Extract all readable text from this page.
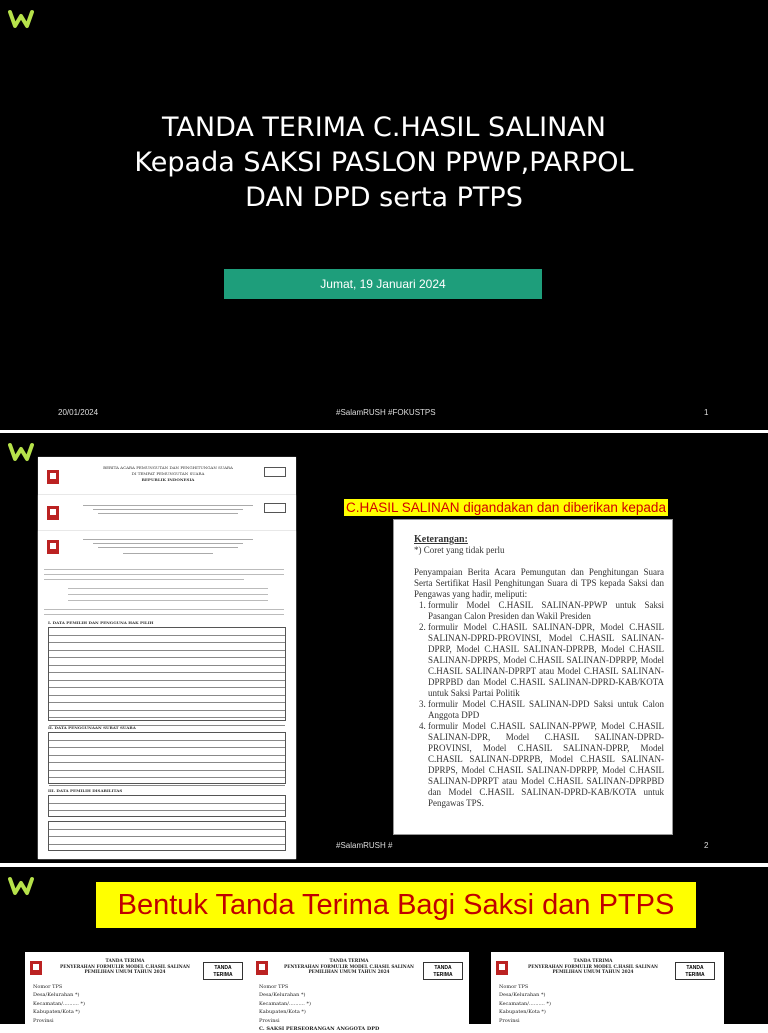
TANDA TERIMA C.HASIL SALINAN
Kepada SAKSI PASLON PPWP,PARPOL
DAN DPD serta PTPS
Jumat, 19 Januari 2024
20/01/2024	#SalamRUSH #FOKUSTPS	1
BERITA ACARA PEMUNGUTAN DAN PENGHITUNGAN SUARA
DI TEMPAT PEMUNGUTAN SUARA
REPUBLIK INDONESIA
I. DATA PEMILIH DAN PENGGUNA HAK PILIH
II. DATA PENGGUNAAN SURAT SUARA
III. DATA PEMILIH DISABILITAS
C.HASIL SALINAN digandakan dan diberikan kepada
Keterangan:
*) Coret yang tidak perlu
Penyampaian Berita Acara Pemungutan dan Penghitungan Suara Serta Sertifikat Hasil Penghitungan Suara di TPS kepada Saksi dan Pengawas yang hadir, meliputi:
1. formulir Model C.HASIL SALINAN-PPWP untuk Saksi Pasangan Calon Presiden dan Wakil Presiden
2. formulir Model C.HASIL SALINAN-DPR, Model C.HASIL SALINAN-DPRD-PROVINSI, Model C.HASIL SALINAN-DPRP, Model C.HASIL SALINAN-DPRPB, Model C.HASIL SALINAN-DPRPS, Model C.HASIL SALINAN-DPRPP, Model C.HASIL SALINAN-DPRPT atau Model C.HASIL SALINAN-DPRPBD dan Model C.HASIL SALINAN-DPRD-KAB/KOTA untuk Saksi Partai Politik
3. formulir Model C.HASIL SALINAN-DPD Saksi untuk Calon Anggota DPD
4. formulir Model C.HASIL SALINAN-PPWP, Model C.HASIL SALINAN-DPR, Model C.HASIL SALINAN-DPRD-PROVINSI, Model C.HASIL SALINAN-DPRP, Model C.HASIL SALINAN-DPRPB, Model C.HASIL SALINAN-DPRPS, Model C.HASIL SALINAN-DPRPP, Model C.HASIL SALINAN-DPRPT atau Model C.HASIL SALINAN-DPRPBD dan Model C.HASIL SALINAN-DPRD-KAB/KOTA untuk Pengawas TPS.
#SalamRUSH #	2
Bentuk Tanda Terima Bagi Saksi dan PTPS
TANDA TERIMA
PENYERAHAN FORMULIR MODEL C.HASIL SALINAN
PEMILIHAN UMUM TAHUN 2024
TANDA
TERIMA
Nomor TPS
Desa/Kelurahan *)
Kecamatan/.......... *)
Kabupaten/Kota *)
Provinsi
TANDA TERIMA
PENYERAHAN FORMULIR MODEL C.HASIL SALINAN
PEMILIHAN UMUM TAHUN 2024
TANDA
TERIMA
Nomor TPS
Desa/Kelurahan *)
Kecamatan/.......... *)
Kabupaten/Kota *)
Provinsi
C. SAKSI PERSEORANGAN ANGGOTA DPD
TANDA TERIMA
PENYERAHAN FORMULIR MODEL C.HASIL SALINAN
PEMILIHAN UMUM TAHUN 2024
TANDA
TERIMA
Nomor TPS
Desa/Kelurahan *)
Kecamatan/.......... *)
Kabupaten/Kota *)
Provinsi
